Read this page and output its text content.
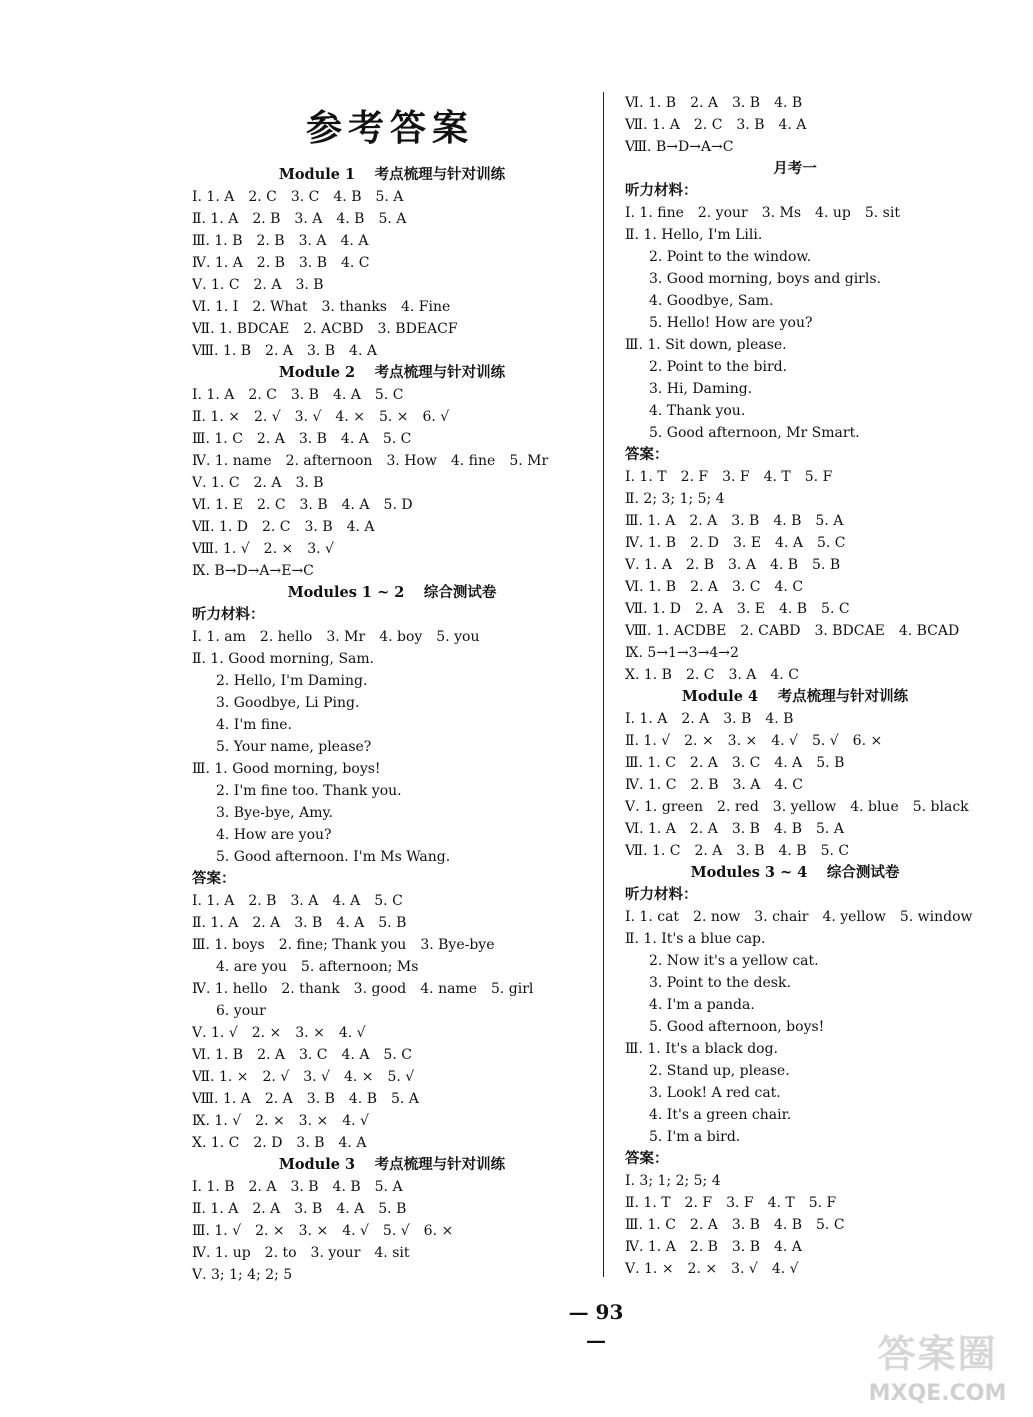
参考答案
Module 1　 考点梳理与针对训练
Ⅰ. 1. A　2. C　3. C　4. B　5. A
Ⅱ. 1. A　2. B　3. A　4. B　5. A
Ⅲ. 1. B　2. B　3. A　4. A
Ⅳ. 1. A　2. B　3. B　4. C
Ⅴ. 1. C　2. A　3. B
Ⅵ. 1. I　2. What　3. thanks　4. Fine
Ⅶ. 1. BDCAE　2. ACBD　3. BDEACF
Ⅷ. 1. B　2. A　3. B　4. A
Module 2　 考点梳理与针对训练
Ⅰ. 1. A　2. C　3. B　4. A　5. C
Ⅱ. 1. ×　2. √　3. √　4. ×　5. ×　6. √
Ⅲ. 1. C　2. A　3. B　4. A　5. C
Ⅳ. 1. name　2. afternoon　3. How　4. fine　5. Mr
Ⅴ. 1. C　2. A　3. B
Ⅵ. 1. E　2. C　3. B　4. A　5. D
Ⅶ. 1. D　2. C　3. B　4. A
Ⅷ. 1. √　2. ×　3. √
Ⅸ. B→D→A→E→C
Modules 1 ~ 2　 综合测试卷
听力材料：
Ⅰ. 1. am　2. hello　3. Mr　4. boy　5. you
Ⅱ. 1. Good morning, Sam.
2. Hello, I'm Daming.
3. Goodbye, Li Ping.
4. I'm fine.
5. Your name, please?
Ⅲ. 1. Good morning, boys!
2. I'm fine too. Thank you.
3. Bye-bye, Amy.
4. How are you?
5. Good afternoon. I'm Ms Wang.
答案：
Ⅰ. 1. A　2. B　3. A　4. A　5. C
Ⅱ. 1. A　2. A　3. B　4. A　5. B
Ⅲ. 1. boys　2. fine; Thank you　3. Bye-bye
4. are you　5. afternoon; Ms
Ⅳ. 1. hello　2. thank　3. good　4. name　5. girl
6. your
Ⅴ. 1. √　2. ×　3. ×　4. √
Ⅵ. 1. B　2. A　3. C　4. A　5. C
Ⅶ. 1. ×　2. √　3. √　4. ×　5. √
Ⅷ. 1. A　2. A　3. B　4. B　5. A
Ⅸ. 1. √　2. ×　3. ×　4. √
Ⅹ. 1. C　2. D　3. B　4. A
Module 3　 考点梳理与针对训练
Ⅰ. 1. B　2. A　3. B　4. B　5. A
Ⅱ. 1. A　2. A　3. B　4. A　5. B
Ⅲ. 1. √　2. ×　3. ×　4. √　5. √　6. ×
Ⅳ. 1. up　2. to　3. your　4. sit
Ⅴ. 3; 1; 4; 2; 5
Ⅵ. 1. B　2. A　3. B　4. B
Ⅶ. 1. A　2. C　3. B　4. A
Ⅷ. B→D→A→C
月考一
听力材料：
Ⅰ. 1. fine　2. your　3. Ms　4. up　5. sit
Ⅱ. 1. Hello, I'm Lili.
2. Point to the window.
3. Good morning, boys and girls.
4. Goodbye, Sam.
5. Hello! How are you?
Ⅲ. 1. Sit down, please.
2. Point to the bird.
3. Hi, Daming.
4. Thank you.
5. Good afternoon, Mr Smart.
答案：
Ⅰ. 1. T　2. F　3. F　4. T　5. F
Ⅱ. 2; 3; 1; 5; 4
Ⅲ. 1. A　2. A　3. B　4. B　5. A
Ⅳ. 1. B　2. D　3. E　4. A　5. C
Ⅴ. 1. A　2. B　3. A　4. B　5. B
Ⅵ. 1. B　2. A　3. C　4. C
Ⅶ. 1. D　2. A　3. E　4. B　5. C
Ⅷ. 1. ACDBE　2. CABD　3. BDCAE　4. BCAD
Ⅸ. 5→1→3→4→2
Ⅹ. 1. B　2. C　3. A　4. C
Module 4　 考点梳理与针对训练
Ⅰ. 1. A　2. A　3. B　4. B
Ⅱ. 1. √　2. ×　3. ×　4. √　5. √　6. ×
Ⅲ. 1. C　2. A　3. C　4. A　5. B
Ⅳ. 1. C　2. B　3. A　4. C
Ⅴ. 1. green　2. red　3. yellow　4. blue　5. black
Ⅵ. 1. A　2. A　3. B　4. B　5. A
Ⅶ. 1. C　2. A　3. B　4. B　5. C
Modules 3 ~ 4　 综合测试卷
听力材料：
Ⅰ. 1. cat　2. now　3. chair　4. yellow　5. window
Ⅱ. 1. It's a blue cap.
2. Now it's a yellow cat.
3. Point to the desk.
4. I'm a panda.
5. Good afternoon, boys!
Ⅲ. 1. It's a black dog.
2. Stand up, please.
3. Look! A red cat.
4. It's a green chair.
5. I'm a bird.
答案：
Ⅰ. 3; 1; 2; 5; 4
Ⅱ. 1. T　2. F　3. F　4. T　5. F
Ⅲ. 1. C　2. A　3. B　4. B　5. C
Ⅳ. 1. A　2. B　3. B　4. A
Ⅴ. 1. ×　2. ×　3. √　4. √
— 93 —	答案圈
MXQE.COM
